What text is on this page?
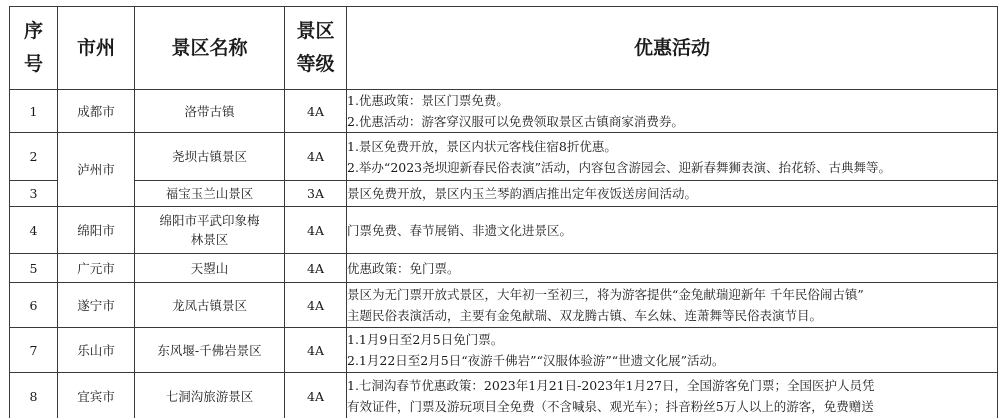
序
号	市州	景区名称	景区
等级	优惠活动
1	成都市	洛带古镇	4A	1.优惠政策：景区门票免费。
2.优惠活动：游客穿汉服可以免费领取景区古镇商家消费券。

2	泸州市	尧坝古镇景区	4A	1.景区免费开放，景区内状元客栈住宿8折优惠。
2.举办“2023尧坝迎新春民俗表演”活动，内容包含游园会、迎新春舞狮表演、抬花轿、古典舞等。

3		福宝玉兰山景区	3A	景区免费开放，景区内玉兰琴韵酒店推出定年夜饭送房间活动。

4	绵阳市	绵阳市平武印象梅
林景区	4A	门票免费、春节展销、非遗文化进景区。

5	广元市	天曌山	4A	优惠政策：免门票。

6	遂宁市	龙凤古镇景区	4A	景区为无门票开放式景区，大年初一至初三，将为游客提供“金兔献瑞迎新年 千年民俗闹古镇”
主题民俗表演活动，主要有金兔献瑞、双龙腾古镇、车幺妹、连萧舞等民俗表演节目。

7	乐山市	东风堰-千佛岩景区	4A	1.1月9日至2月5日免门票。
2.1月22日至2月5日“夜游千佛岩”“汉服体验游”“世遗文化展”活动。

8	宜宾市	七洞沟旅游景区	4A	1.七洞沟春节优惠政策：2023年1月21日-2023年1月27日，全国游客免门票；全国医护人员凭
有效证件，门票及游玩项目全免费（不含喊泉、观光车）；抖音粉丝5万人以上的游客，免费赠送
